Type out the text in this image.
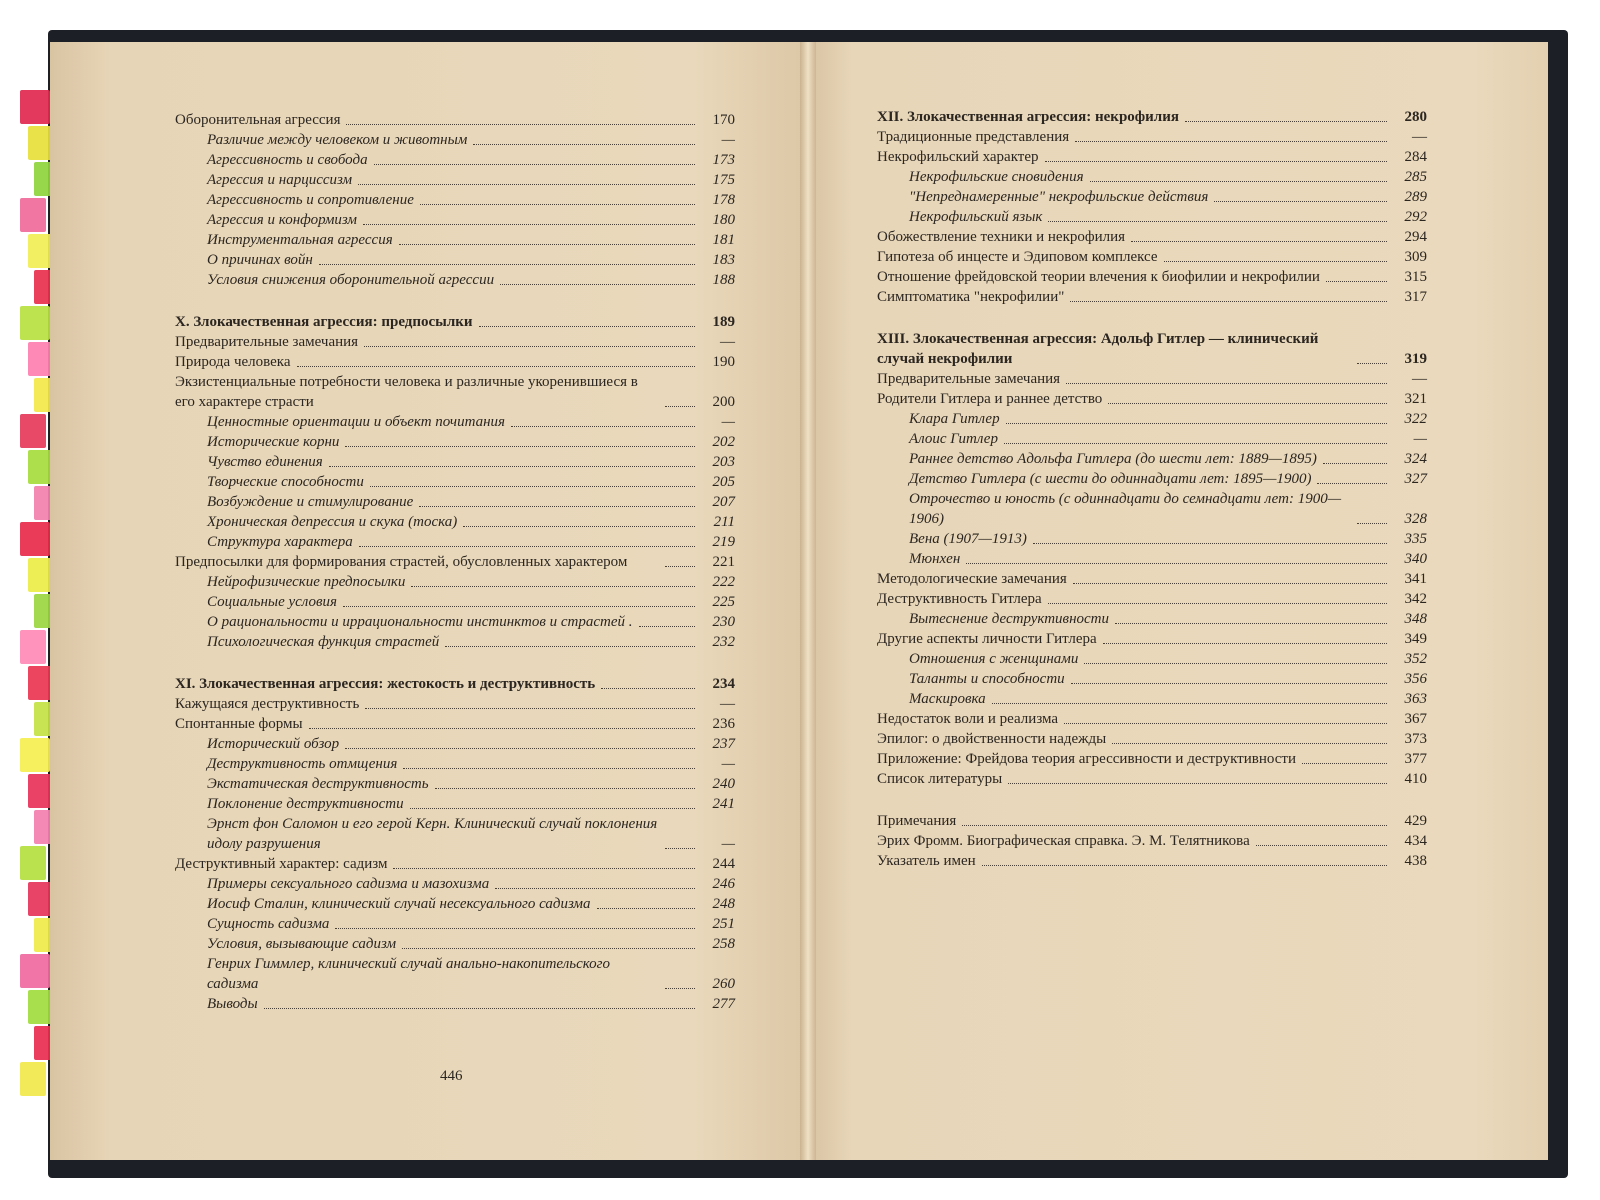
Оборонительная агрессия	170
Различие между человеком и животным	—
Агрессивность и свобода	173
Агрессия и нарциссизм	175
Агрессивность и сопротивление	178
Агрессия и конформизм	180
Инструментальная агрессия	181
О причинах войн	183
Условия снижения оборонительной агрессии	188
X. Злокачественная агрессия: предпосылки	189
Предварительные замечания	—
Природа человека	190
Экзистенциальные потребности человека и различные укоренившиеся в его характере страсти	200
Ценностные ориентации и объект почитания	—
Исторические корни	202
Чувство единения	203
Творческие способности	205
Возбуждение и стимулирование	207
Хроническая депрессия и скука (тоска)	211
Структура характера	219
Предпосылки для формирования страстей, обусловленных характером	221
Нейрофизические предпосылки	222
Социальные условия	225
О рациональности и иррациональности инстинктов и страстей .	230
Психологическая функция страстей	232
XI. Злокачественная агрессия: жестокость и деструктивность	234
Кажущаяся деструктивность	—
Спонтанные формы	236
Исторический обзор	237
Деструктивность отмщения	—
Экстатическая деструктивность	240
Поклонение деструктивности	241
Эрнст фон Саломон и его герой Керн. Клинический случай поклонения идолу разрушения	—
Деструктивный характер: садизм	244
Примеры сексуального садизма и мазохизма	246
Иосиф Сталин, клинический случай несексуального садизма	248
Сущность садизма	251
Условия, вызывающие садизм	258
Генрих Гиммлер, клинический случай анально-накопительского садизма	260
Выводы	277
XII. Злокачественная агрессия: некрофилия	280
Традиционные представления	—
Некрофильский характер	284
Некрофильские сновидения	285
"Непреднамеренные" некрофильские действия	289
Некрофильский язык	292
Обожествление техники и некрофилия	294
Гипотеза об инцесте и Эдиповом комплексе	309
Отношение фрейдовской теории влечения к биофилии и некрофилии	315
Симптоматика "некрофилии"	317
XIII. Злокачественная агрессия: Адольф Гитлер — клинический случай некрофилии	319
Предварительные замечания	—
Родители Гитлера и раннее детство	321
Клара Гитлер	322
Алоис Гитлер	—
Раннее детство Адольфа Гитлера (до шести лет: 1889—1895)	324
Детство Гитлера (с шести до одиннадцати лет: 1895—1900)	327
Отрочество и юность (с одиннадцати до семнадцати лет: 1900—1906)	328
Вена (1907—1913)	335
Мюнхен	340
Методологические замечания	341
Деструктивность Гитлера	342
Вытеснение деструктивности	348
Другие аспекты личности Гитлера	349
Отношения с женщинами	352
Таланты и способности	356
Маскировка	363
Недостаток воли и реализма	367
Эпилог: о двойственности надежды	373
Приложение: Фрейдова теория агрессивности и деструктивности	377
Список литературы	410
Примечания	429
Эрих Фромм. Биографическая справка. Э. М. Телятникова	434
Указатель имен	438
446
